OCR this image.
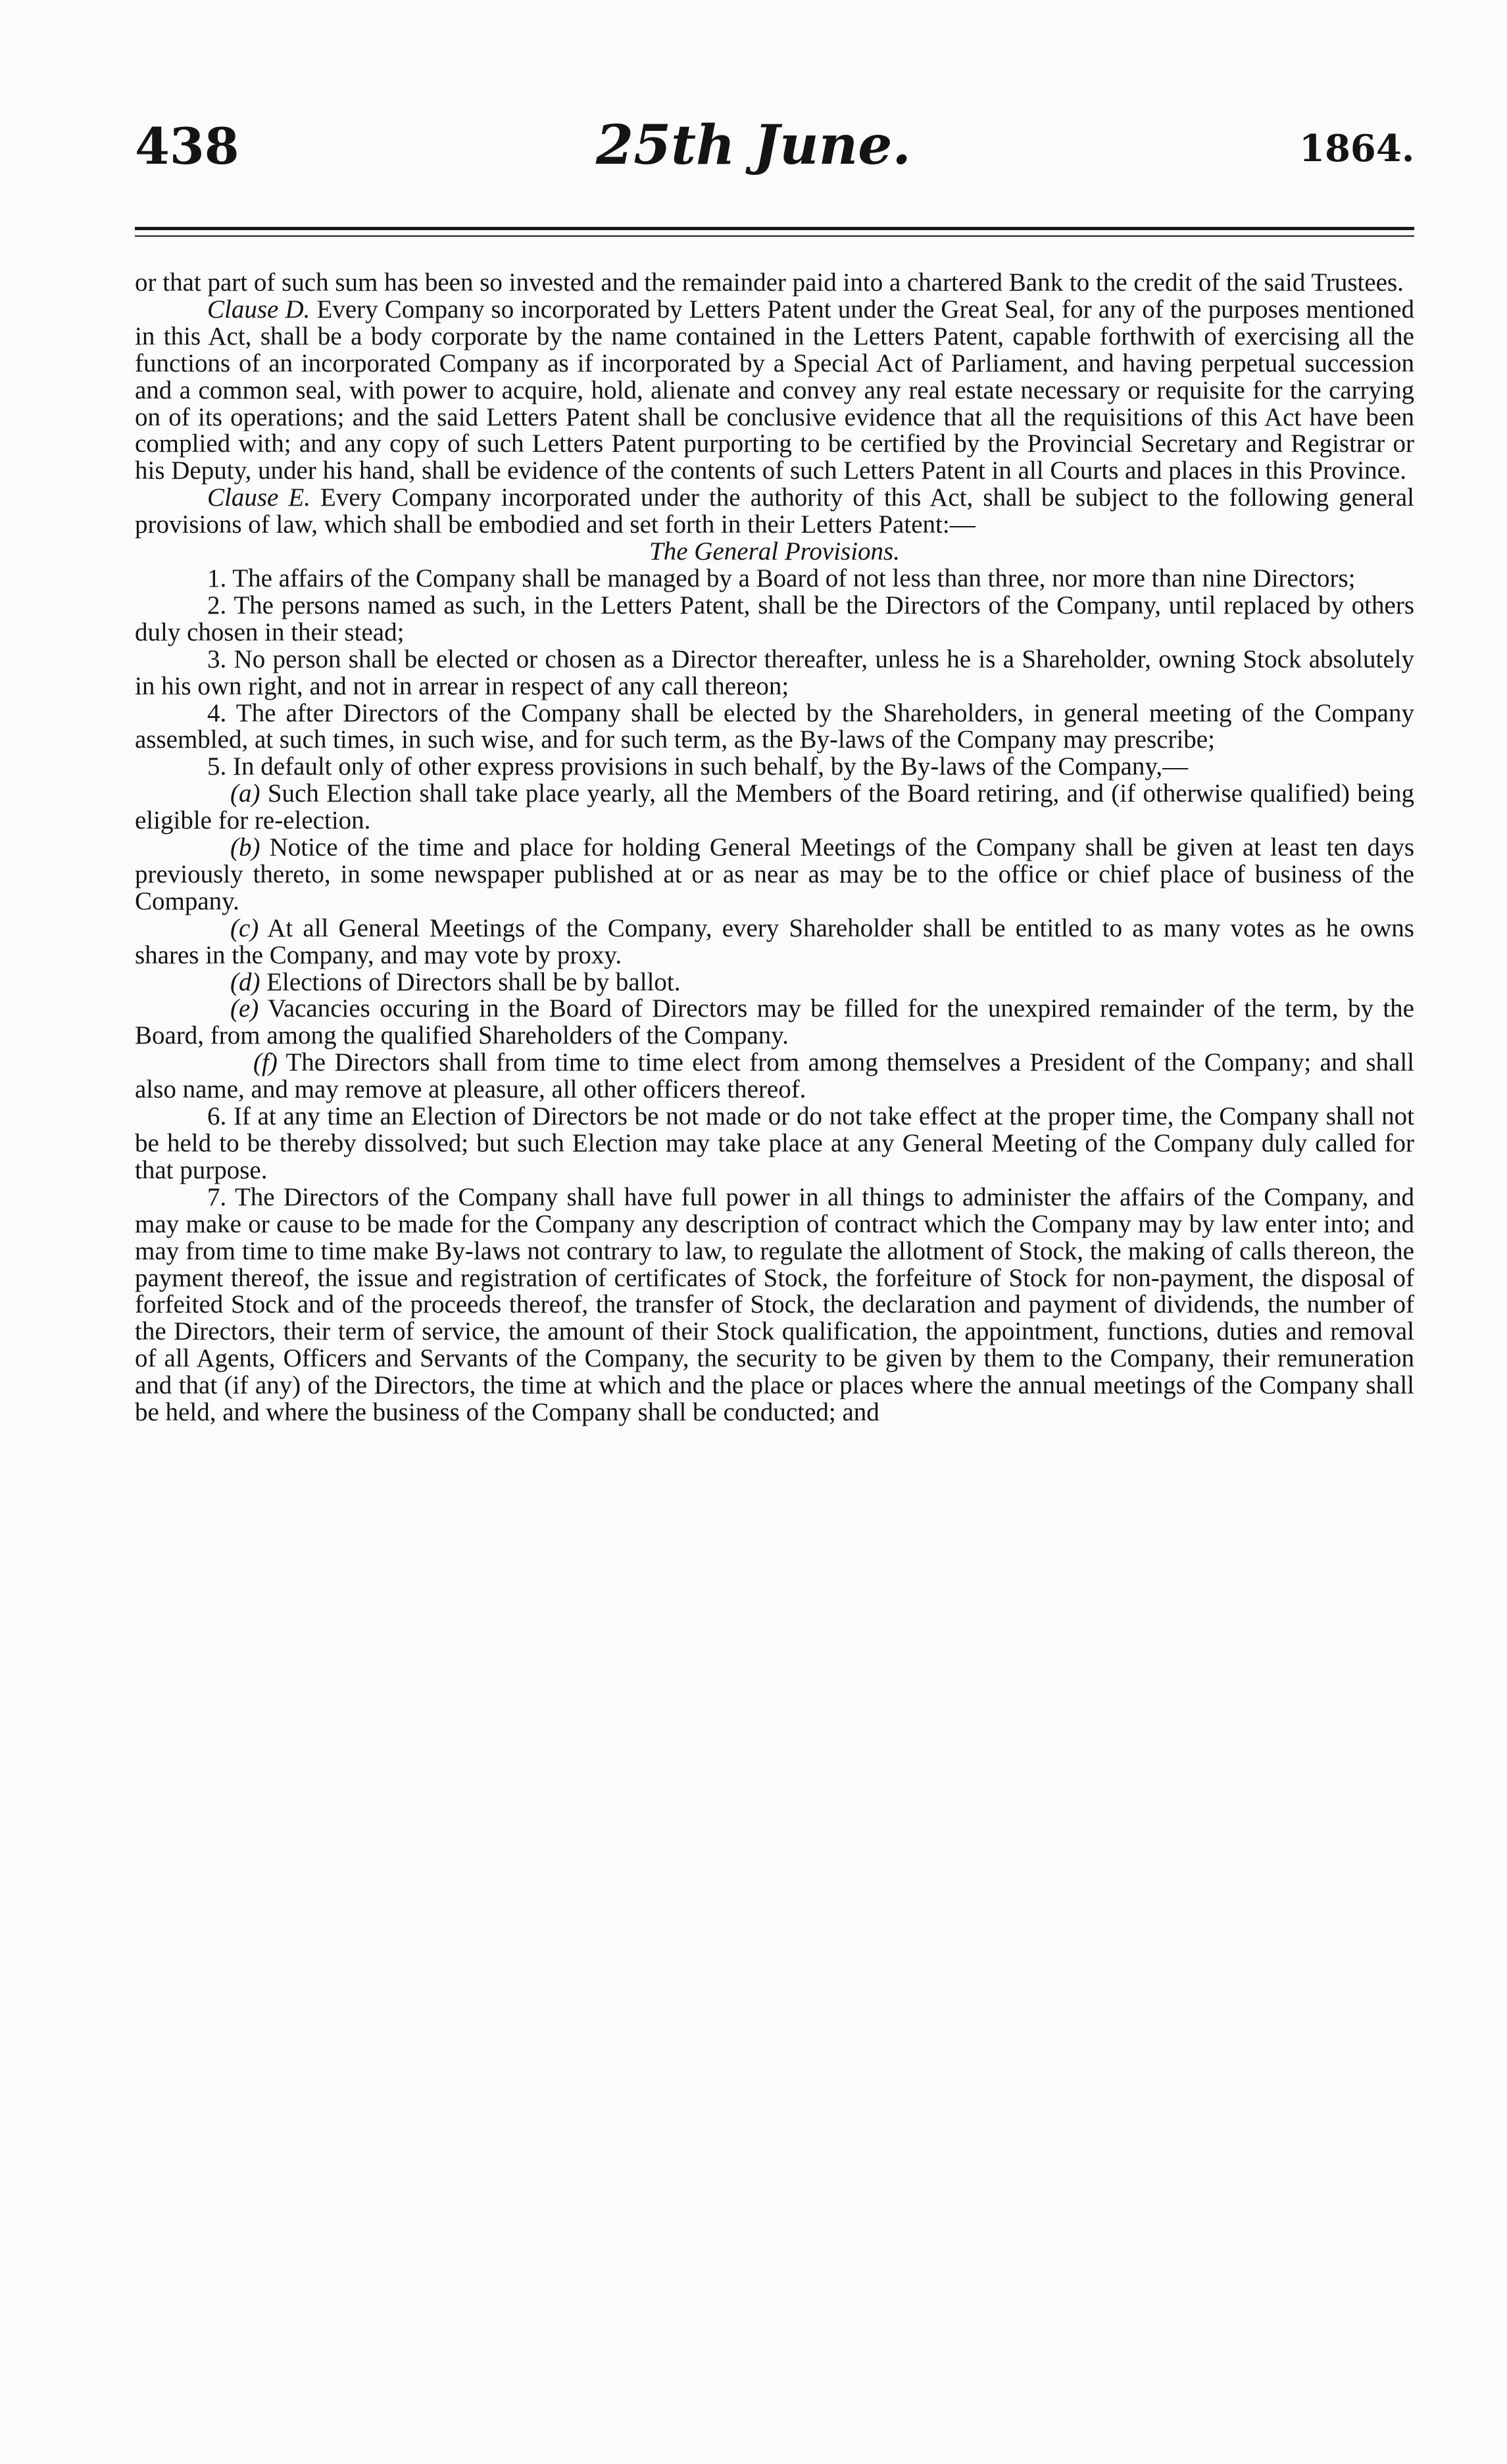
438	25th June.	1864.

or that part of such sum has been so invested and the remainder paid into a chartered Bank to the credit of the said Trustees.

Clause D. Every Company so incorporated by Letters Patent under the Great Seal, for any of the purposes mentioned in this Act, shall be a body corporate by the name contained in the Letters Patent, capable forthwith of exercising all the functions of an incorporated Company as if incorporated by a Special Act of Parliament, and having perpetual succession and a common seal, with power to acquire, hold, alienate and convey any real estate necessary or requisite for the carrying on of its operations; and the said Letters Patent shall be conclusive evidence that all the requisitions of this Act have been complied with; and any copy of such Letters Patent purporting to be certified by the Provincial Secretary and Registrar or his Deputy, under his hand, shall be evidence of the contents of such Letters Patent in all Courts and places in this Province.

Clause E. Every Company incorporated under the authority of this Act, shall be subject to the following general provisions of law, which shall be embodied and set forth in their Letters Patent:—

The General Provisions.

1. The affairs of the Company shall be managed by a Board of not less than three, nor more than nine Directors;

2. The persons named as such, in the Letters Patent, shall be the Directors of the Company, until replaced by others duly chosen in their stead;

3. No person shall be elected or chosen as a Director thereafter, unless he is a Shareholder, owning Stock absolutely in his own right, and not in arrear in respect of any call thereon;

4. The after Directors of the Company shall be elected by the Shareholders, in general meeting of the Company assembled, at such times, in such wise, and for such term, as the By-laws of the Company may prescribe;

5. In default only of other express provisions in such behalf, by the By-laws of the Company,—

(a) Such Election shall take place yearly, all the Members of the Board retiring, and (if otherwise qualified) being eligible for re-election.

(b) Notice of the time and place for holding General Meetings of the Company shall be given at least ten days previously thereto, in some newspaper published at or as near as may be to the office or chief place of business of the Company.

(c) At all General Meetings of the Company, every Shareholder shall be entitled to as many votes as he owns shares in the Company, and may vote by proxy.

(d) Elections of Directors shall be by ballot.

(e) Vacancies occuring in the Board of Directors may be filled for the unexpired remainder of the term, by the Board, from among the qualified Shareholders of the Company.

(f) The Directors shall from time to time elect from among themselves a President of the Company; and shall also name, and may remove at pleasure, all other officers thereof.

6. If at any time an Election of Directors be not made or do not take effect at the proper time, the Company shall not be held to be thereby dissolved; but such Election may take place at any General Meeting of the Company duly called for that purpose.

7. The Directors of the Company shall have full power in all things to administer the affairs of the Company, and may make or cause to be made for the Company any description of contract which the Company may by law enter into; and may from time to time make By-laws not contrary to law, to regulate the allotment of Stock, the making of calls thereon, the payment thereof, the issue and registration of certificates of Stock, the forfeiture of Stock for non-payment, the disposal of forfeited Stock and of the proceeds thereof, the transfer of Stock, the declaration and payment of dividends, the number of the Directors, their term of service, the amount of their Stock qualification, the appointment, functions, duties and removal of all Agents, Officers and Servants of the Company, the security to be given by them to the Company, their remuneration and that (if any) of the Directors, the time at which and the place or places where the annual meetings of the Company shall be held, and where the business of the Company shall be conducted; and
